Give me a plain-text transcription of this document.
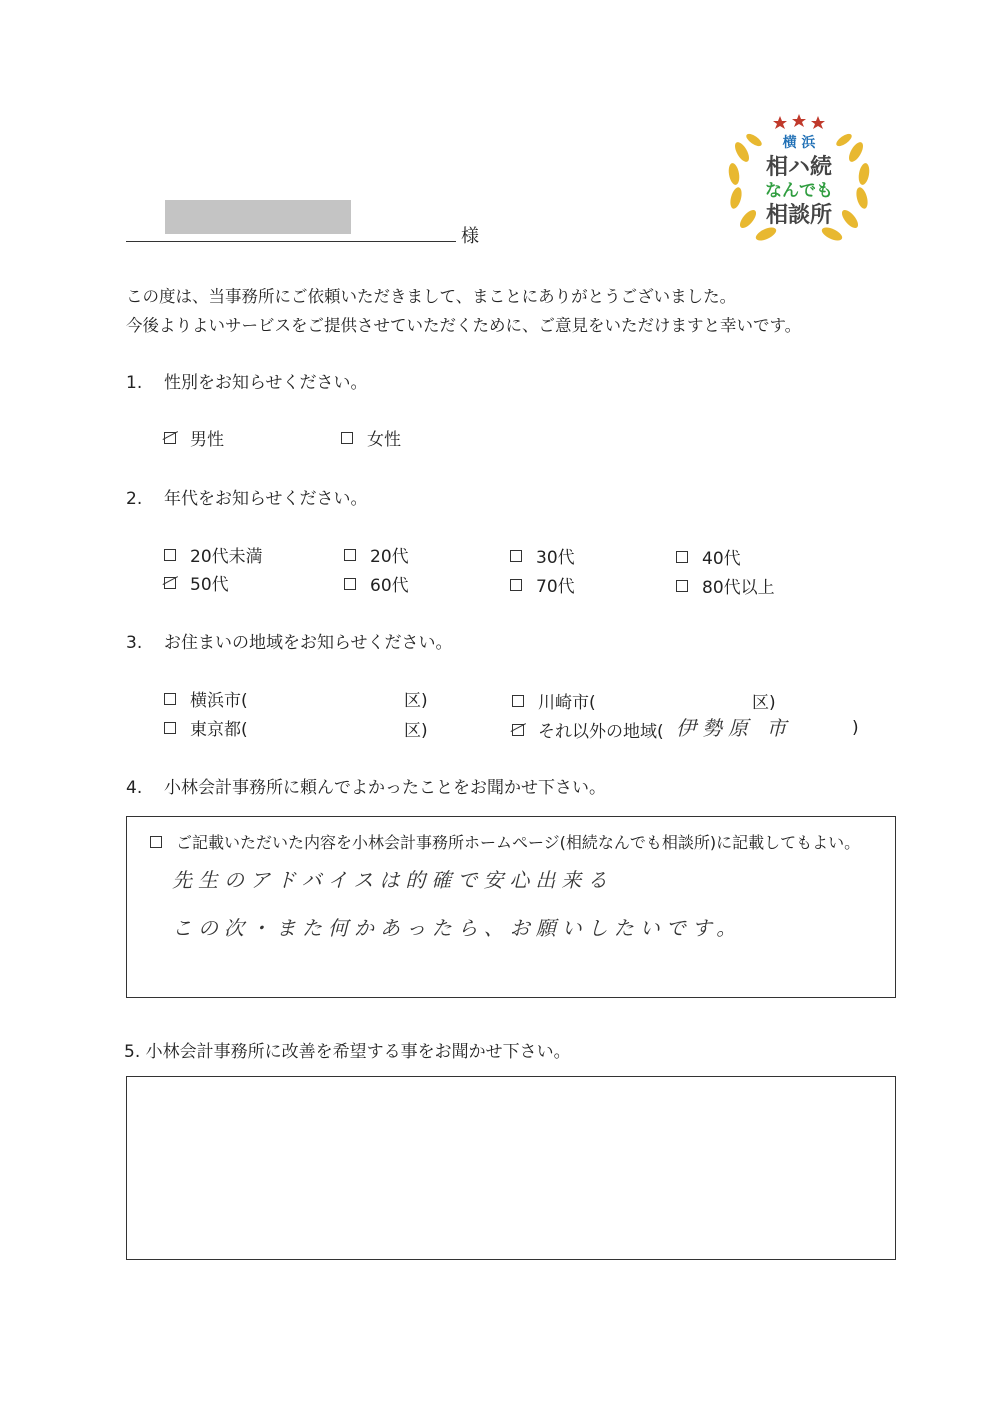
横 浜
相ハ続
なんでも
相談所
様
この度は、当事務所にご依頼いただきまして、まことにありがとうございました。
今後よりよいサービスをご提供させていただくために、ご意見をいただけますと幸いです。
1. 性別をお知らせください。
男性	女性
2. 年代をお知らせください。
20代未満	20代	30代	40代
50代	60代	70代	80代以上
3. お住まいの地域をお知らせください。
横浜市(	区)	川崎市(	区)
東京都(	区)	それ以外の地域( 伊勢原 市	)
4. 小林会計事務所に頼んでよかったことをお聞かせ下さい。
ご記載いただいた内容を小林会計事務所ホームページ(相続なんでも相談所)に記載してもよい。
先生のアドバイスは的確で安心出来る
この次・また何かあったら、お願いしたいです。
5. 小林会計事務所に改善を希望する事をお聞かせ下さい。
